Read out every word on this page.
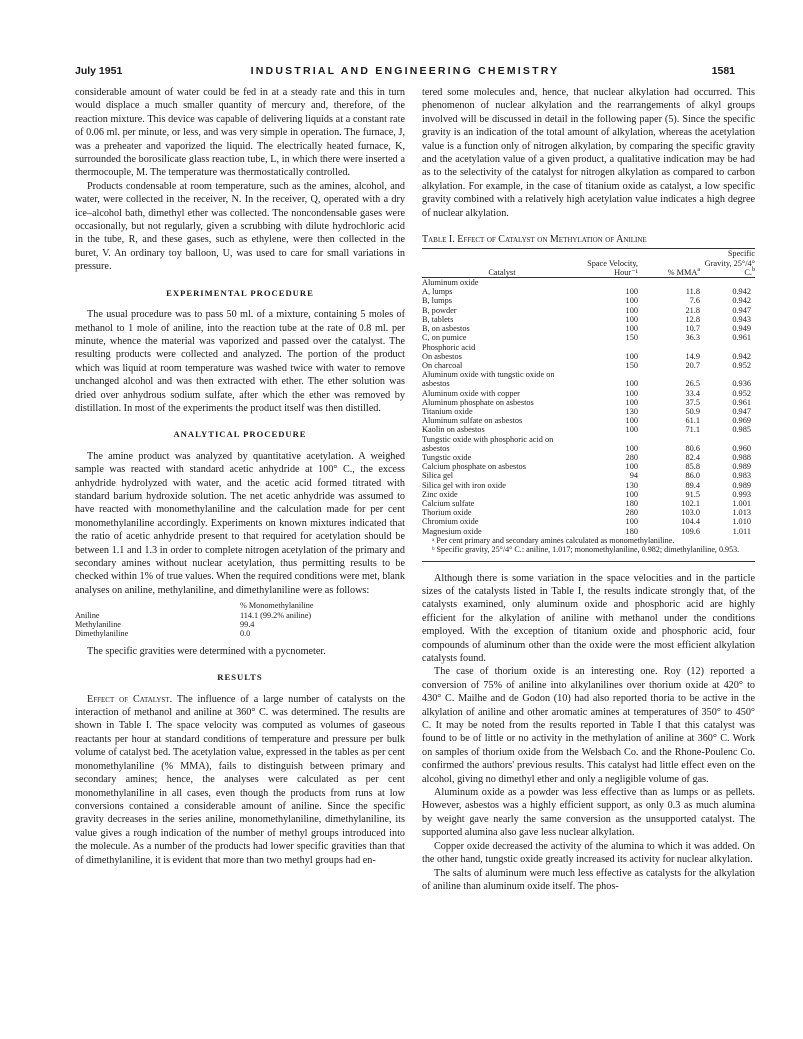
July 1951	INDUSTRIAL AND ENGINEERING CHEMISTRY	1581

considerable amount of water could be fed in at a steady rate and this in turn would displace a much smaller quantity of mercury and, therefore, of the reaction mixture. This device was capable of delivering liquids at a constant rate of 0.06 ml. per minute, or less, and was very simple in operation. The furnace, J, was a preheater and vaporized the liquid. The electrically heated furnace, K, surrounded the borosilicate glass reaction tube, L, in which there were inserted a thermocouple, M. The temperature was thermostatically controlled.

Products condensable at room temperature, such as the amines, alcohol, and water, were collected in the receiver, N. In the receiver, Q, operated with a dry ice–alcohol bath, dimethyl ether was collected. The noncondensable gases were occasionally, but not regularly, given a scrubbing with dilute hydrochloric acid in the tube, R, and these gases, such as ethylene, were then collected in the buret, V. An ordinary toy balloon, U, was used to care for small variations in pressure.

EXPERIMENTAL PROCEDURE

The usual procedure was to pass 50 ml. of a mixture, containing 5 moles of methanol to 1 mole of aniline, into the reaction tube at the rate of 0.8 ml. per minute, whence the material was vaporized and passed over the catalyst. The resulting products were collected and analyzed. The portion of the product which was liquid at room temperature was washed twice with water to remove unchanged alcohol and was then extracted with ether. The ether solution was dried over anhydrous sodium sulfate, after which the ether was removed by distillation. In most of the experiments the product itself was then distilled.

ANALYTICAL PROCEDURE

The amine product was analyzed by quantitative acetylation. A weighed sample was reacted with standard acetic anhydride at 100° C., the excess anhydride hydrolyzed with water, and the acetic acid formed titrated with standard barium hydroxide solution. The net acetic anhydride was assumed to have reacted with monomethylaniline and the calculation made for per cent monomethylaniline accordingly. Experiments on known mixtures indicated that the ratio of acetic anhydride present to that required for acetylation should be between 1.1 and 1.3 in order to complete nitrogen acetylation of the primary and secondary amines without nuclear acetylation, thus permitting results to be checked within 1% of true values. When the required conditions were met, blank analyses on aniline, methylaniline, and dimethylaniline were as follows:

	% Monomethylaniline
Aniline	114.1 (99.2% aniline)
Methylaniline	99.4
Dimethylaniline	0.0

The specific gravities were determined with a pycnometer.

RESULTS

Effect of Catalyst. The influence of a large number of catalysts on the interaction of methanol and aniline at 360° C. was determined. The results are shown in Table I. The space velocity was computed as volumes of gaseous reactants per hour at standard conditions of temperature and pressure per bulk volume of catalyst bed. The acetylation value, expressed in the tables as per cent monomethylaniline (% MMA), fails to distinguish between primary and secondary amines; hence, the analyses were calculated as per cent monomethylaniline in all cases, even though the products from runs at low conversions contained a considerable amount of aniline. Since the specific gravity decreases in the series aniline, monomethylaniline, dimethylaniline, its value gives a rough indication of the number of methyl groups introduced into the molecule. As a number of the products had lower specific gravities than that of dimethylaniline, it is evident that more than two methyl groups had en-

tered some molecules and, hence, that nuclear alkylation had occurred. This phenomenon of nuclear alkylation and the rearrangements of alkyl groups involved will be discussed in detail in the following paper (5). Since the specific gravity is an indication of the total amount of alkylation, whereas the acetylation value is a function only of nitrogen alkylation, by comparing the specific gravity and the acetylation value of a given product, a qualitative indication may be had as to the selectivity of the catalyst for nitrogen alkylation as compared to carbon alkylation. For example, in the case of titanium oxide as catalyst, a low specific gravity combined with a relatively high acetylation value indicates a high degree of nuclear alkylation.

Table I. Effect of Catalyst on Methylation of Aniline
Catalyst	Space Velocity, Hour⁻¹	% MMA$^a$	Specific Gravity, 25°/4° C.$^b$
Aluminum oxide			
A, lumps	100	11.8	0.942
B, lumps	100	7.6	0.942
B, powder	100	21.8	0.947
B, tablets	100	12.8	0.943
B, on asbestos	100	10.7	0.949
C, on pumice	150	36.3	0.961
Phosphoric acid			
On asbestos	100	14.9	0.942
On charcoal	150	20.7	0.952
Aluminum oxide with tungstic oxide on			
asbestos	100	26.5	0.936
Aluminum oxide with copper	100	33.4	0.952
Aluminum phosphate on asbestos	100	37.5	0.961
Titanium oxide	130	50.9	0.947
Aluminum sulfate on asbestos	100	61.1	0.969
Kaolin on asbestos	100	71.1	0.985
Tungstic oxide with phosphoric acid on			
asbestos	100	80.6	0.960
Tungstic oxide	280	82.4	0.988
Calcium phosphate on asbestos	100	85.8	0.989
Silica gel	94	86.0	0.983
Silica gel with iron oxide	130	89.4	0.989
Zinc oxide	100	91.5	0.993
Calcium sulfate	180	102.1	1.001
Thorium oxide	280	103.0	1.013
Chromium oxide	100	104.4	1.010
Magnesium oxide	180	109.6	1.011

ᵃ Per cent primary and secondary amines calculated as monomethylaniline.

ᵇ Specific gravity, 25°/4° C.: aniline, 1.017; monomethylaniline, 0.982; dimethylaniline, 0.953.

Although there is some variation in the space velocities and in the particle sizes of the catalysts listed in Table I, the results indicate strongly that, of the catalysts examined, only aluminum oxide and phosphoric acid are highly efficient for the alkylation of aniline with methanol under the conditions employed. With the exception of titanium oxide and phosphoric acid, four compounds of aluminum other than the oxide were the most efficient alkylation catalysts found.

The case of thorium oxide is an interesting one. Roy (12) reported a conversion of 75% of aniline into alkylanilines over thorium oxide at 420° to 430° C. Mailhe and de Godon (10) had also reported thoria to be active in the alkylation of aniline and other aromatic amines at temperatures of 350° to 450° C. It may be noted from the results reported in Table I that this catalyst was found to be of little or no activity in the methylation of aniline at 360° C. Work on samples of thorium oxide from the Welsbach Co. and the Rhone-Poulenc Co. confirmed the authors' previous results. This catalyst had little effect even on the alcohol, giving no dimethyl ether and only a negligible volume of gas.

Aluminum oxide as a powder was less effective than as lumps or as pellets. However, asbestos was a highly efficient support, as only 0.3 as much alumina by weight gave nearly the same conversion as the unsupported catalyst. The supported alumina also gave less nuclear alkylation.

Copper oxide decreased the activity of the alumina to which it was added. On the other hand, tungstic oxide greatly increased its activity for nuclear alkylation.

The salts of aluminum were much less effective as catalysts for the alkylation of aniline than aluminum oxide itself. The phos-
